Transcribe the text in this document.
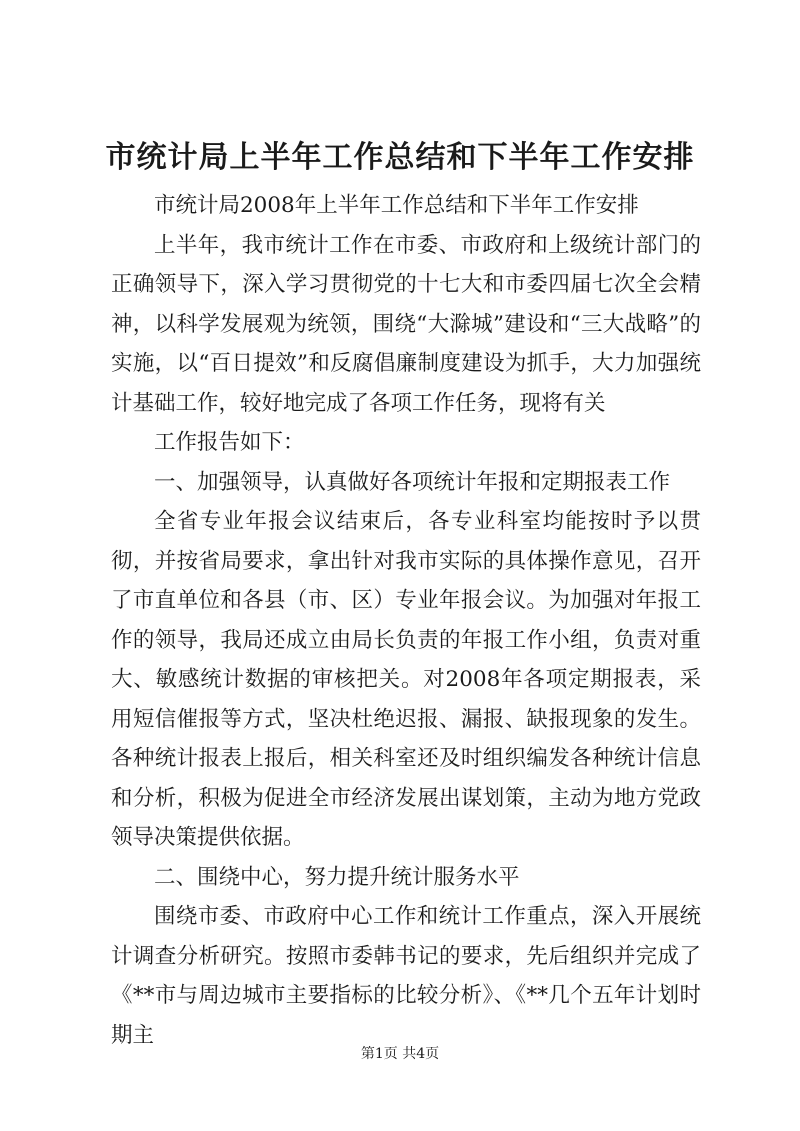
市统计局上半年工作总结和下半年工作安排

市统计局2008年上半年工作总结和下半年工作安排

上半年，我市统计工作在市委、市政府和上级统计部门的正确领导下，深入学习贯彻党的十七大和市委四届七次全会精神，以科学发展观为统领，围绕“大滁城”建设和“三大战略”的实施，以“百日提效”和反腐倡廉制度建设为抓手，大力加强统计基础工作，较好地完成了各项工作任务，现将有关

工作报告如下：

一、加强领导，认真做好各项统计年报和定期报表工作

全省专业年报会议结束后，各专业科室均能按时予以贯彻，并按省局要求，拿出针对我市实际的具体操作意见，召开了市直单位和各县（市、区）专业年报会议。为加强对年报工作的领导，我局还成立由局长负责的年报工作小组，负责对重大、敏感统计数据的审核把关。对2008年各项定期报表，采用短信催报等方式，坚决杜绝迟报、漏报、缺报现象的发生。各种统计报表上报后，相关科室还及时组织编发各种统计信息和分析，积极为促进全市经济发展出谋划策，主动为地方党政领导决策提供依据。

二、围绕中心，努力提升统计服务水平

围绕市委、市政府中心工作和统计工作重点，深入开展统计调查分析研究。按照市委韩书记的要求，先后组织并完成了《**市与周边城市主要指标的比较分析》、《**几个五年计划时期主

第1页 共4页
